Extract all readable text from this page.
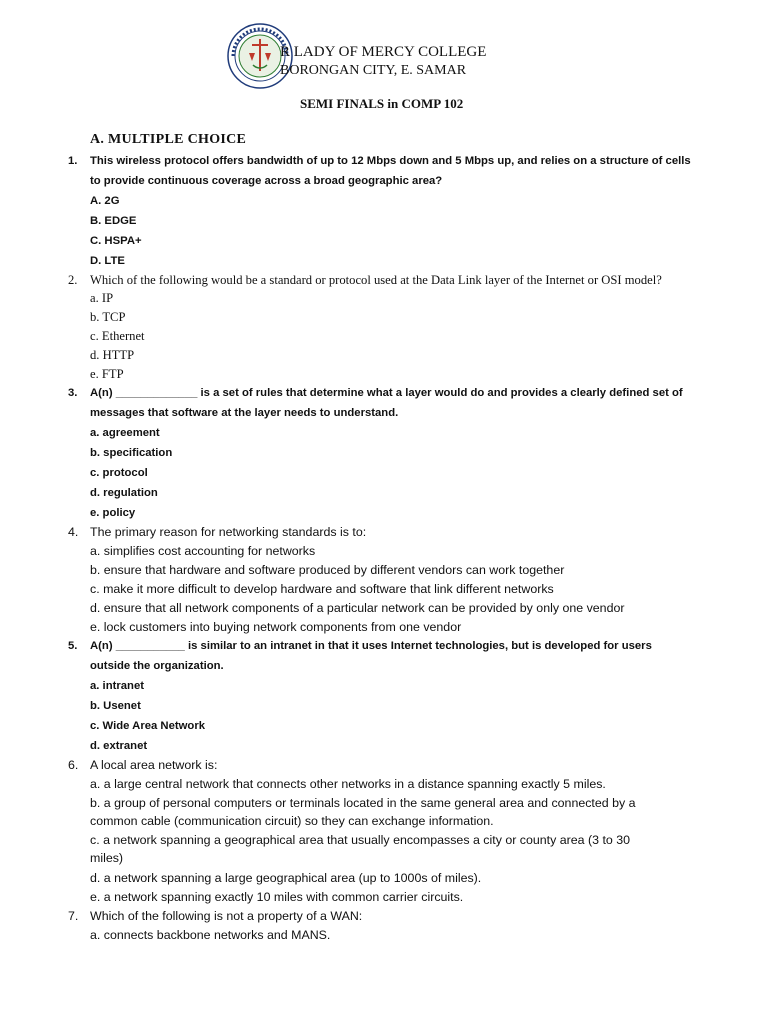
R LADY OF MERCY COLLEGE
BORONGAN CITY, E. SAMAR
SEMI FINALS in COMP 102
A. MULTIPLE CHOICE
1. This wireless protocol offers bandwidth of up to 12 Mbps down and 5 Mbps up, and relies on a structure of cells
to provide continuous coverage across a broad geographic area?
A. 2G
B. EDGE
C. HSPA+
D. LTE
2. Which of the following would be a standard or protocol used at the Data Link layer of the Internet or OSI model?
a. IP
b. TCP
c. Ethernet
d. HTTP
e. FTP
3. A(n) _____________ is a set of rules that determine what a layer would do and provides a clearly defined set of
messages that software at the layer needs to understand.
a. agreement
b. specification
c. protocol
d. regulation
e. policy
4. The primary reason for networking standards is to:
a. simplifies cost accounting for networks
b. ensure that hardware and software produced by different vendors can work together
c. make it more difficult to develop hardware and software that link different networks
d. ensure that all network components of a particular network can be provided by only one vendor
e. lock customers into buying network components from one vendor
5. A(n) ___________ is similar to an intranet in that it uses Internet technologies, but is developed for users
outside the organization.
a. intranet
b. Usenet
c. Wide Area Network
d. extranet
6. A local area network is:
a. a large central network that connects other networks in a distance spanning exactly 5 miles.
b. a group of personal computers or terminals located in the same general area and connected by a
common cable (communication circuit) so they can exchange information.
c. a network spanning a geographical area that usually encompasses a city or county area (3 to 30
miles)
d. a network spanning a large geographical area (up to 1000s of miles).
e. a network spanning exactly 10 miles with common carrier circuits.
7. Which of the following is not a property of a WAN:
a. connects backbone networks and MANS.
